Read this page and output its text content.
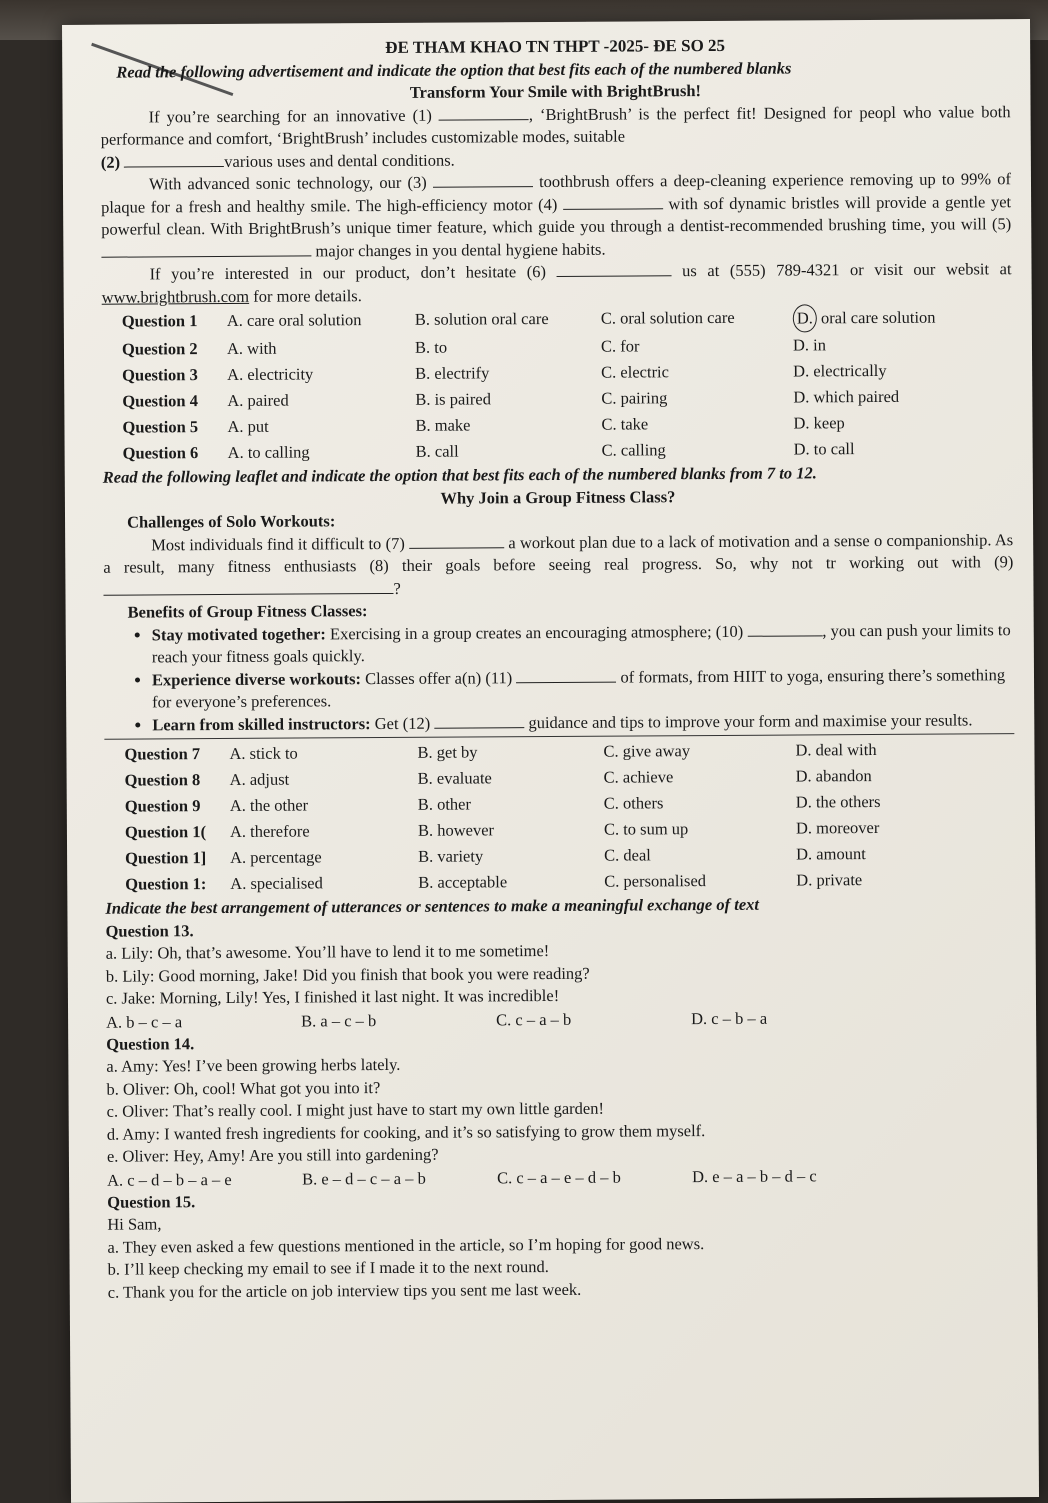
ĐE THAM KHAO TN THPT -2025- ĐE SO 25
Read the following advertisement and indicate the option that best fits each of the numbered blanks
Transform Your Smile with BrightBrush!
If you’re searching for an innovative (1)	, ‘BrightBrush’ is the perfect fit! Designed for peopl who value both performance and comfort, ‘BrightBrush’ includes customizable modes, suitable
(2)	various uses and dental conditions.
With advanced sonic technology, our (3)	toothbrush offers a deep-cleaning experience removing up to 99% of plaque for a fresh and healthy smile. The high-efficiency motor (4)	with sof dynamic bristles will provide a gentle yet powerful clean. With BrightBrush’s unique timer feature, which guide you through a dentist-recommended brushing time, you will (5)  major changes in you dental hygiene habits.
If you’re interested in our product, don’t hesitate (6)	us at (555) 789-4321 or visit our websit at www.brightbrush.com for more details.
Question 1	A. care oral solution	B. solution oral care	C. oral solution care	D. oral care solution
Question 2	A. with	B. to	C. for	D. in
Question 3	A. electricity	B. electrify	C. electric	D. electrically
Question 4	A. paired	B. is paired	C. pairing	D. which paired
Question 5	A. put	B. make	C. take	D. keep
Question 6	A. to calling	B. call	C. calling	D. to call
Read the following leaflet and indicate the option that best fits each of the numbered blanks from 7 to 12.
Why Join a Group Fitness Class?
Challenges of Solo Workouts:
Most individuals find it difficult to (7)	a workout plan due to a lack of motivation and a sense o companionship. As a result, many fitness enthusiasts (8) their goals before seeing real progress. So, why not tr working out with (9) ?
Benefits of Group Fitness Classes:
• Stay motivated together: Exercising in a group creates an encouraging atmosphere; (10)	, you can push your limits to reach your fitness goals quickly.
• Experience diverse workouts: Classes offer a(n) (11)	of formats, from HIIT to yoga, ensuring there’s something for everyone’s preferences.
• Learn from skilled instructors: Get (12)	guidance and tips to improve your form and maximise your results.
Question 7	A. stick to	B. get by	C. give away	D. deal with
Question 8	A. adjust	B. evaluate	C. achieve	D. abandon
Question 9	A. the other	B. other	C. others	D. the others
Question 1(	A. therefore	B. however	C. to sum up	D. moreover
Question 1]	A. percentage	B. variety	C. deal	D. amount
Question 1:	A. specialised	B. acceptable	C. personalised	D. private
Indicate the best arrangement of utterances or sentences to make a meaningful exchange of text
Question 13.
a. Lily: Oh, that’s awesome. You’ll have to lend it to me sometime!
b. Lily: Good morning, Jake! Did you finish that book you were reading?
c. Jake: Morning, Lily! Yes, I finished it last night. It was incredible!
A. b – c – a	B. a – c – b	C. c – a – b	D. c – b – a
Question 14.
a. Amy: Yes! I’ve been growing herbs lately.
b. Oliver: Oh, cool! What got you into it?
c. Oliver: That’s really cool. I might just have to start my own little garden!
d. Amy: I wanted fresh ingredients for cooking, and it’s so satisfying to grow them myself.
e. Oliver: Hey, Amy! Are you still into gardening?
A. c – d – b – a – e	B. e – d – c – a – b	C. c – a – e – d – b	D. e – a – b – d – c
Question 15.
Hi Sam,
a. They even asked a few questions mentioned in the article, so I’m hoping for good news.
b. I’ll keep checking my email to see if I made it to the next round.
c. Thank you for the article on job interview tips you sent me last week.
